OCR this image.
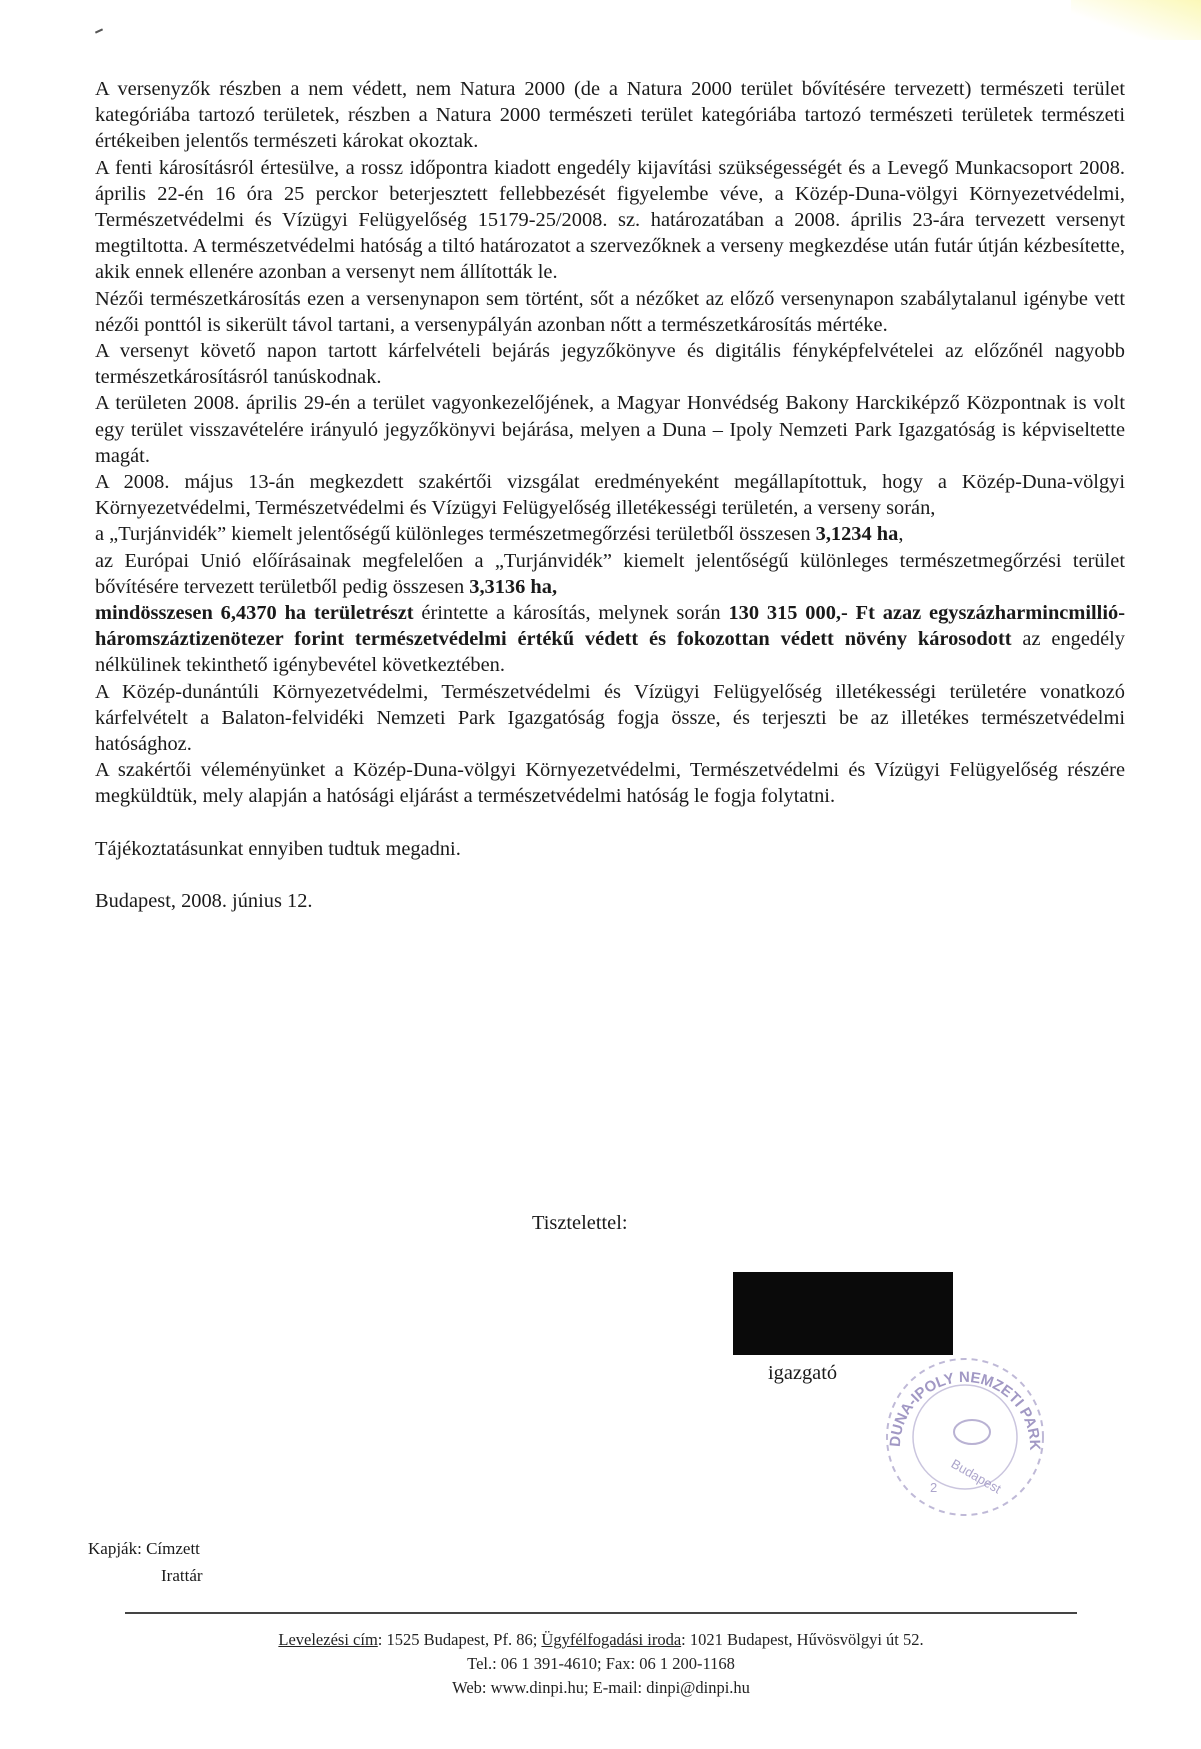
A versenyzők részben a nem védett, nem Natura 2000 (de a Natura 2000 terület bővítésére tervezett) természeti terület kategóriába tartozó területek, részben a Natura 2000 természeti terület kategóriába tartozó természeti területek természeti értékeiben jelentős természeti károkat okoztak.

A fenti károsításról értesülve, a rossz időpontra kiadott engedély kijavítási szükségességét és a Levegő Munkacsoport 2008. április 22-én 16 óra 25 perckor beterjesztett fellebbezését figyelembe véve, a Közép-Duna-völgyi Környezetvédelmi, Természetvédelmi és Vízügyi Felügyelőség 15179-25/2008. sz. határozatában a 2008. április 23-ára tervezett versenyt megtiltotta. A természetvédelmi hatóság a tiltó határozatot a szervezőknek a verseny megkezdése után futár útján kézbesítette, akik ennek ellenére azonban a versenyt nem állították le.

Nézői természetkárosítás ezen a versenynapon sem történt, sőt a nézőket az előző versenynapon szabálytalanul igénybe vett nézői ponttól is sikerült távol tartani, a versenypályán azonban nőtt a természetkárosítás mértéke.

A versenyt követő napon tartott kárfelvételi bejárás jegyzőkönyve és digitális fényképfelvételei az előzőnél nagyobb természetkárosításról tanúskodnak.

A területen 2008. április 29-én a terület vagyonkezelőjének, a Magyar Honvédség Bakony Harckiképző Központnak is volt egy terület visszavételére irányuló jegyzőkönyvi bejárása, melyen a Duna – Ipoly Nemzeti Park Igazgatóság is képviseltette magát.

A 2008. május 13-án megkezdett szakértői vizsgálat eredményeként megállapítottuk, hogy a Közép-Duna-völgyi Környezetvédelmi, Természetvédelmi és Vízügyi Felügyelőség illetékességi területén, a verseny során,

a „Turjánvidék” kiemelt jelentőségű különleges természetmegőrzési területből összesen 3,1234 ha,

az Európai Unió előírásainak megfelelően a „Turjánvidék” kiemelt jelentőségű különleges természetmegőrzési terület bővítésére tervezett területből pedig összesen 3,3136 ha,

mindösszesen 6,4370 ha területrészt érintette a károsítás, melynek során 130 315 000,- Ft azaz egyszázharmincmillió-háromszáztizenötezer forint természetvédelmi értékű védett és fokozottan védett növény károsodott az engedély nélkülinek tekinthető igénybevétel következtében.

A Közép-dunántúli Környezetvédelmi, Természetvédelmi és Vízügyi Felügyelőség illetékességi területére vonatkozó kárfelvételt a Balaton-felvidéki Nemzeti Park Igazgatóság fogja össze, és terjeszti be az illetékes természetvédelmi hatósághoz.

A szakértői véleményünket a Közép-Duna-völgyi Környezetvédelmi, Természetvédelmi és Vízügyi Felügyelőség részére megküldtük, mely alapján a hatósági eljárást a természetvédelmi hatóság le fogja folytatni.

Tájékoztatásunkat ennyiben tudtuk megadni.

Budapest, 2008. június 12.

Tisztelettel:
igazgató
DUNA-IPOLY NEMZETI PARK
Budapest
2
Kapják: Címzett
Irattár
Levelezési cím: 1525 Budapest, Pf. 86; Ügyfélfogadási iroda: 1021 Budapest, Hűvösvölgyi út 52.
Tel.: 06 1 391-4610; Fax: 06 1 200-1168
Web: www.dinpi.hu; E-mail: dinpi@dinpi.hu
